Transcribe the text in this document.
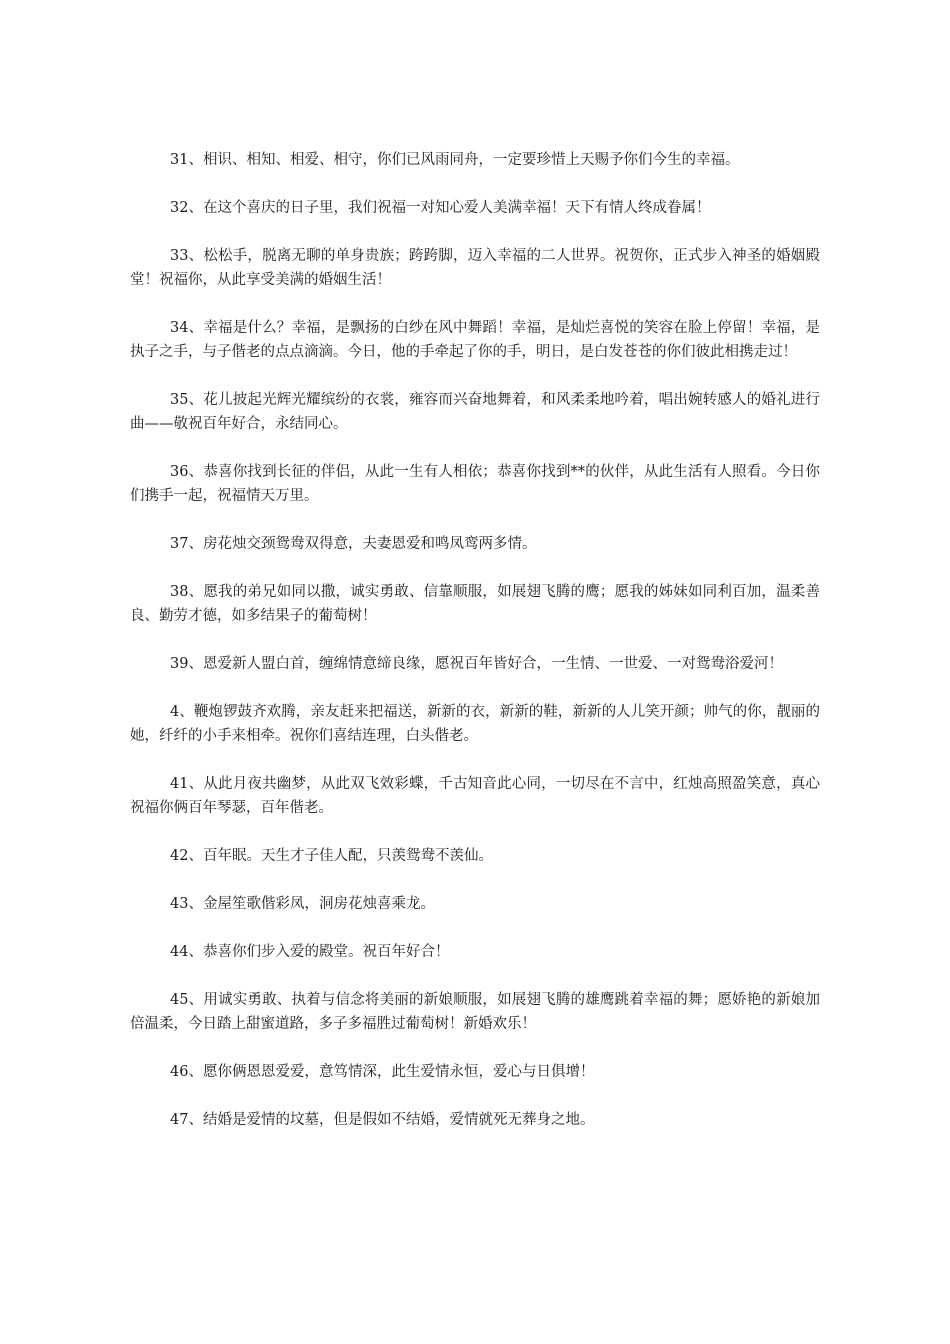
31、相识、相知、相爱、相守，你们已风雨同舟，一定要珍惜上天赐予你们今生的幸福。

32、在这个喜庆的日子里，我们祝福一对知心爱人美满幸福！天下有情人终成眷属！

33、松松手，脱离无聊的单身贵族；跨跨脚，迈入幸福的二人世界。祝贺你，正式步入神圣的婚姻殿堂！祝福你，从此享受美满的婚姻生活！

34、幸福是什么？幸福，是飘扬的白纱在风中舞蹈！幸福，是灿烂喜悦的笑容在脸上停留！幸福，是执子之手，与子偕老的点点滴滴。今日，他的手牵起了你的手，明日，是白发苍苍的你们彼此相携走过！

35、花儿披起光辉光耀缤纷的衣裳，雍容而兴奋地舞着，和风柔柔地吟着，唱出婉转感人的婚礼进行曲——敬祝百年好合，永结同心。

36、恭喜你找到长征的伴侣，从此一生有人相依；恭喜你找到**的伙伴，从此生活有人照看。今日你们携手一起，祝福情天万里。

37、房花烛交颈鸳鸯双得意，夫妻恩爱和鸣凤鸾两多情。

38、愿我的弟兄如同以撒，诚实勇敢、信靠顺服，如展翅飞腾的鹰；愿我的姊妹如同利百加，温柔善良、勤劳才德，如多结果子的葡萄树！

39、恩爱新人盟白首，缠绵情意缔良缘，愿祝百年皆好合，一生情、一世爱、一对鸳鸯浴爱河！

4、鞭炮锣鼓齐欢腾，亲友赶来把福送，新新的衣，新新的鞋，新新的人儿笑开颜；帅气的你，靓丽的她，纤纤的小手来相牵。祝你们喜结连理，白头偕老。

41、从此月夜共幽梦，从此双飞效彩蝶，千古知音此心同，一切尽在不言中，红烛高照盈笑意，真心祝福你俩百年琴瑟，百年偕老。

42、百年眠。天生才子佳人配，只羡鸳鸯不羡仙。

43、金屋笙歌偕彩凤，洞房花烛喜乘龙。

44、恭喜你们步入爱的殿堂。祝百年好合！

45、用诚实勇敢、执着与信念将美丽的新娘顺服，如展翅飞腾的雄鹰跳着幸福的舞；愿娇艳的新娘加倍温柔，今日踏上甜蜜道路，多子多福胜过葡萄树！新婚欢乐！

46、愿你俩恩恩爱爱，意笃情深，此生爱情永恒，爱心与日俱增！

47、结婚是爱情的坟墓，但是假如不结婚，爱情就死无葬身之地。
